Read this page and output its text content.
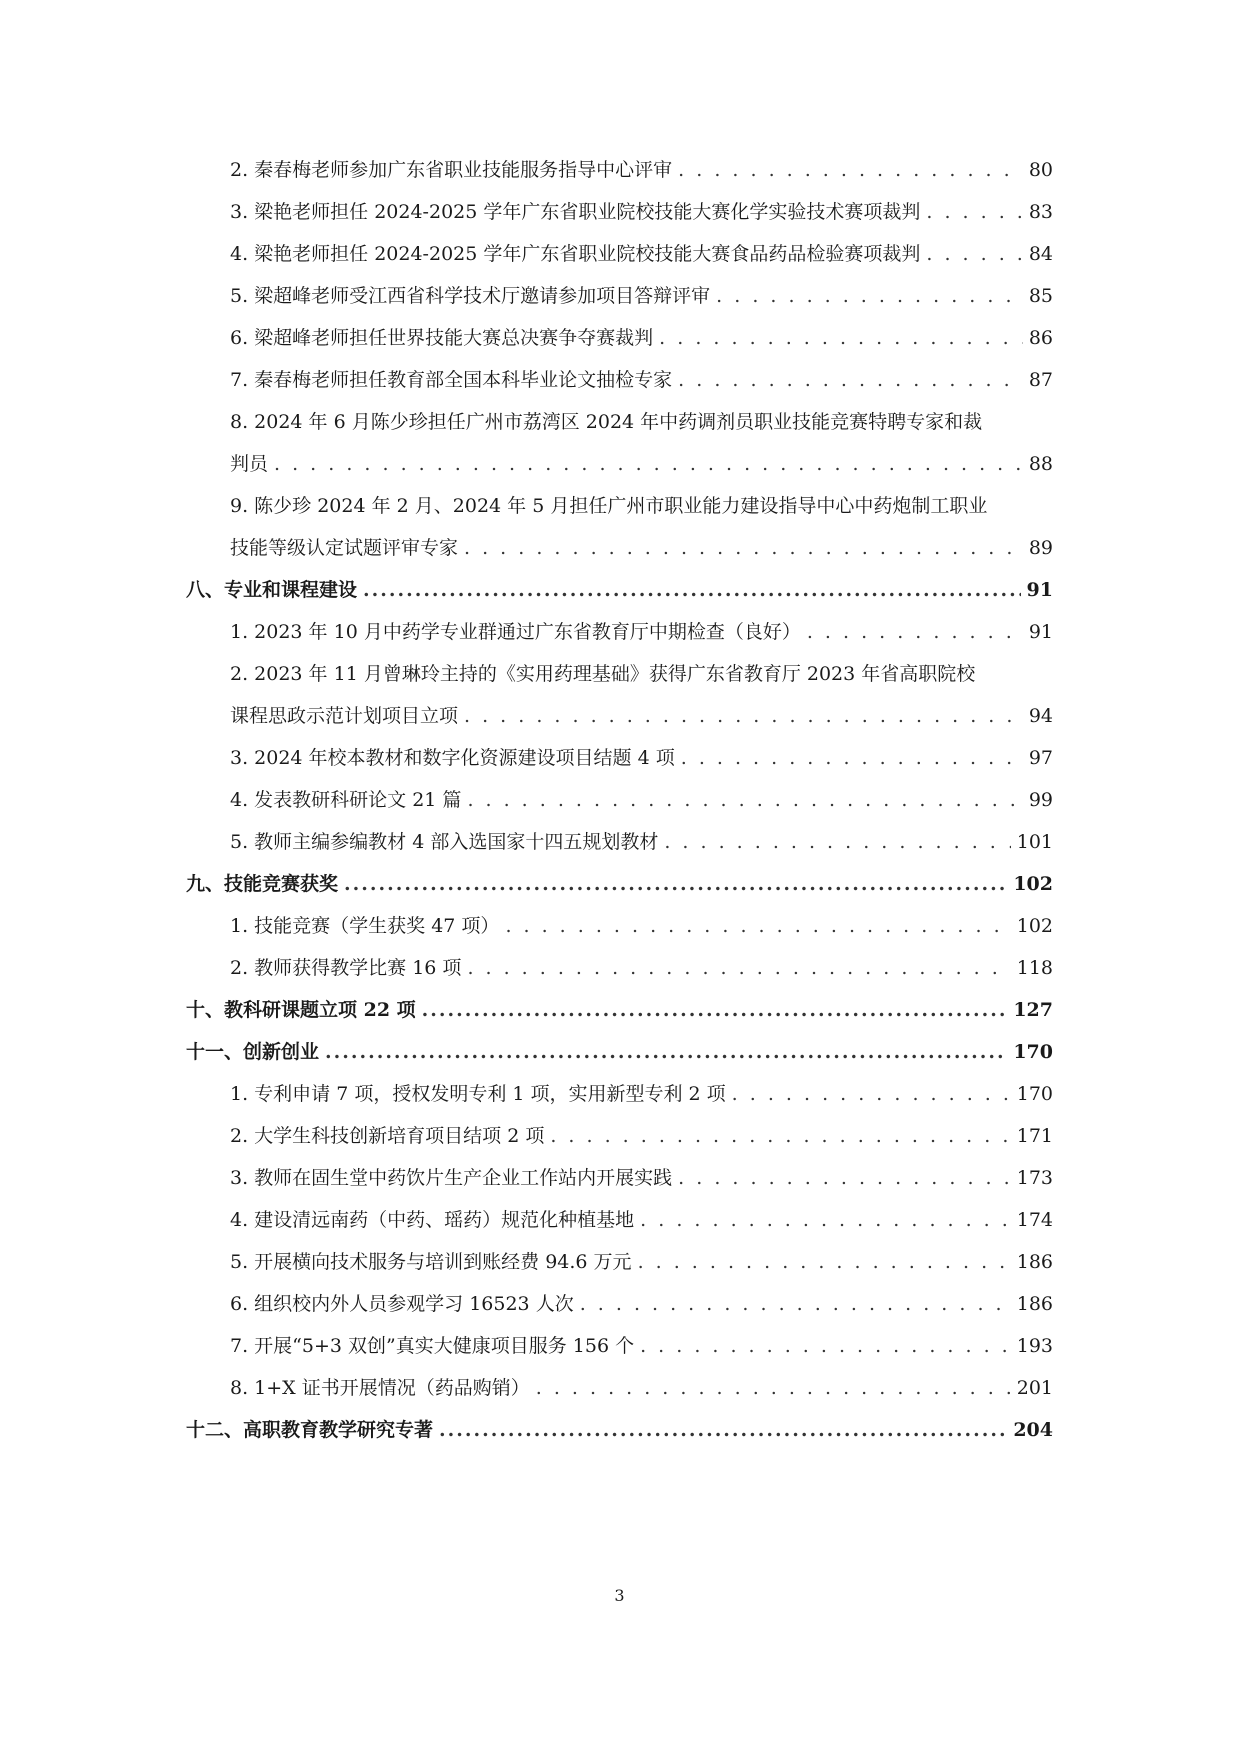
2. 秦春梅老师参加广东省职业技能服务指导中心评审 . . .	80
3. 梁艳老师担任 2024-2025 学年广东省职业院校技能大赛化学实验技术赛项裁判 . . .	83
4. 梁艳老师担任 2024-2025 学年广东省职业院校技能大赛食品药品检验赛项裁判 . . .	84
5. 梁超峰老师受江西省科学技术厅邀请参加项目答辩评审 . . .	85
6. 梁超峰老师担任世界技能大赛总决赛争夺赛裁判 . . .	86
7. 秦春梅老师担任教育部全国本科毕业论文抽检专家 . . .	87
8. 2024 年 6 月陈少珍担任广州市荔湾区 2024 年中药调剂员职业技能竞赛特聘专家和裁
判员 . . .	88
9. 陈少珍 2024 年 2 月、2024 年 5 月担任广州市职业能力建设指导中心中药炮制工职业
技能等级认定试题评审专家 . . .	89
八、专业和课程建设 .....	91
1. 2023 年 10 月中药学专业群通过广东省教育厅中期检查（良好） . . .	91
2. 2023 年 11 月曾琳玲主持的《实用药理基础》获得广东省教育厅 2023 年省高职院校
课程思政示范计划项目立项 . . .	94
3. 2024 年校本教材和数字化资源建设项目结题 4 项 . . .	97
4. 发表教研科研论文 21 篇 . . .	99
5. 教师主编参编教材 4 部入选国家十四五规划教材 . . .	101
九、技能竞赛获奖 .....	102
1. 技能竞赛（学生获奖 47 项） . . .	102
2. 教师获得教学比赛 16 项 . . .	118
十、教科研课题立项 22 项 .....	127
十一、创新创业 .....	170
1. 专利申请 7 项，授权发明专利 1 项，实用新型专利 2 项 . . .	170
2. 大学生科技创新培育项目结项 2 项 . . .	171
3. 教师在固生堂中药饮片生产企业工作站内开展实践 . . .	173
4. 建设清远南药（中药、瑶药）规范化种植基地 . . .	174
5. 开展横向技术服务与培训到账经费 94.6 万元 . . .	186
6. 组织校内外人员参观学习 16523 人次 . . .	186
7. 开展“5+3 双创”真实大健康项目服务 156 个 . . .	193
8. 1+X 证书开展情况（药品购销） . . .	201
十二、高职教育教学研究专著 .....	204
3
